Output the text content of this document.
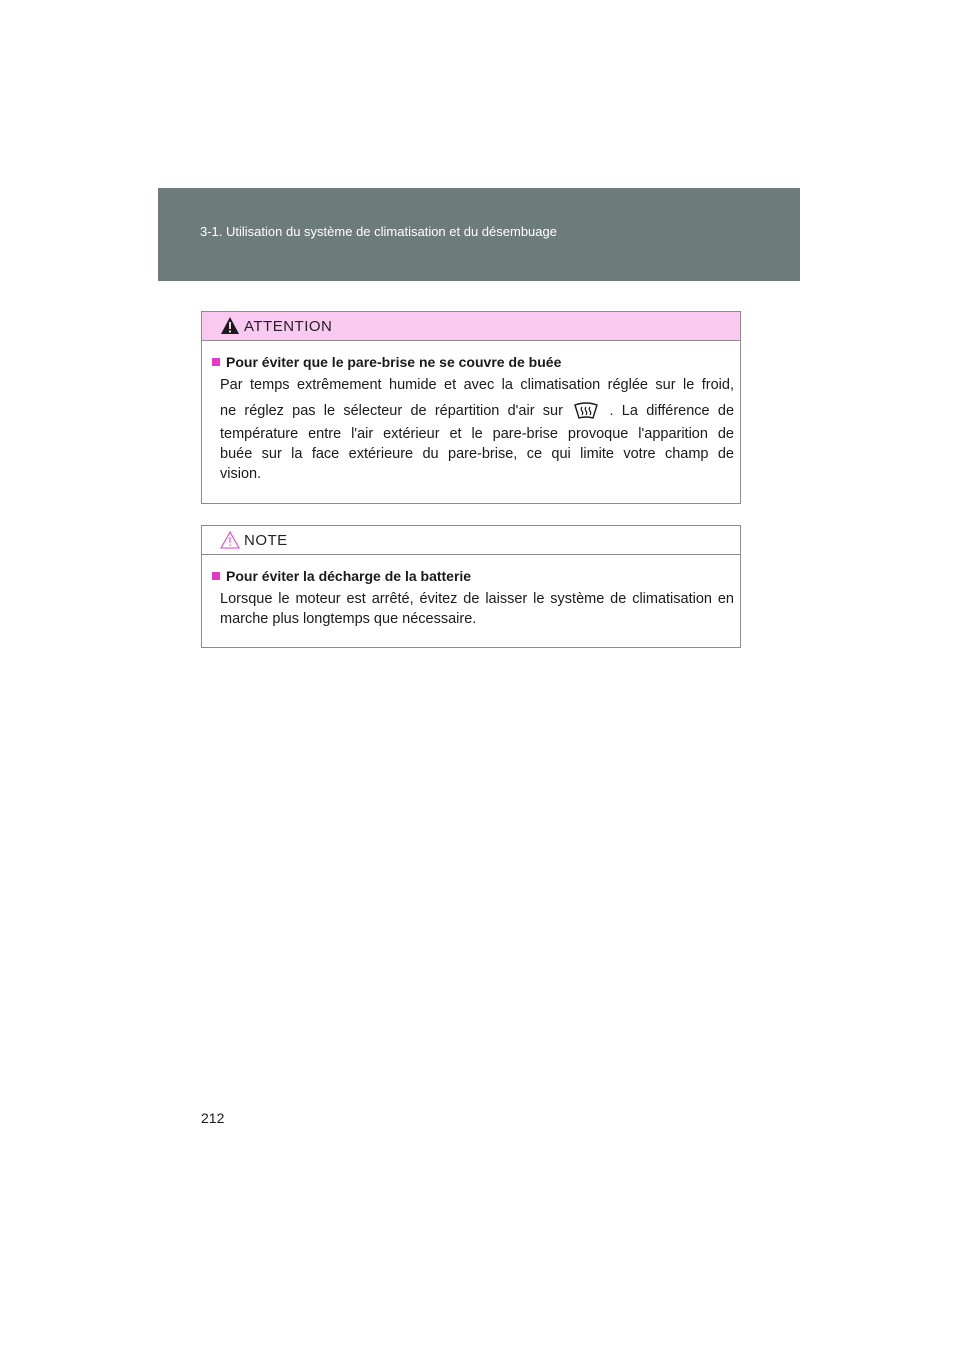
3-1. Utilisation du système de climatisation et du désembuage
ATTENTION
Pour éviter que le pare-brise ne se couvre de buée
Par temps extrêmement humide et avec la climatisation réglée sur le froid,
ne réglez pas le sélecteur de répartition d'air sur	. La différence de
température entre l'air extérieur et le pare-brise provoque l'apparition de
buée sur la face extérieure du pare-brise, ce qui limite votre champ de
vision.
NOTE
Pour éviter la décharge de la batterie
Lorsque le moteur est arrêté, évitez de laisser le système de climatisation en
marche plus longtemps que nécessaire.
212
